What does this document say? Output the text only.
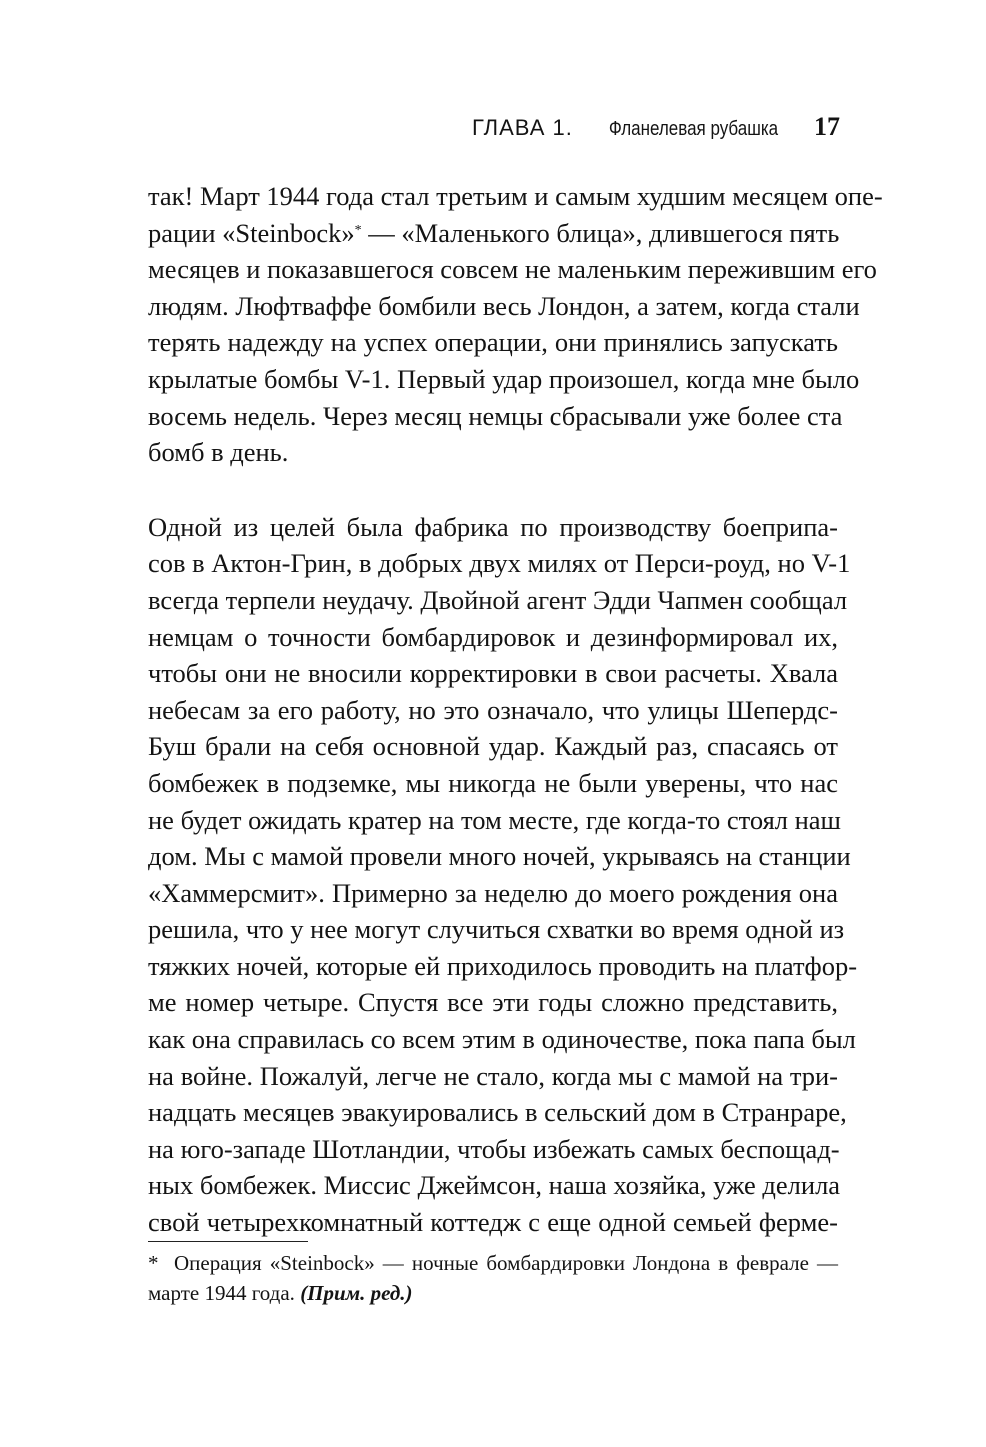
ГЛАВА 1. Фланелевая рубашка 17
так! Март 1944 года стал третьим и самым худшим месяцем опе-
рации «Steinbock»* — «Маленького блица», длившегося пять
месяцев и показавшегося совсем не маленьким пережившим его
людям. Люфтваффе бомбили весь Лондон, а затем, когда стали
терять надежду на успех операции, они принялись запускать
крылатые бомбы V-1. Первый удар произошел, когда мне было
восемь недель. Через месяц немцы сбрасывали уже более ста
бомб в день.
Одной из целей была фабрика по производству боеприпа-
сов в Актон-Грин, в добрых двух милях от Перси-роуд, но V-1
всегда терпели неудачу. Двойной агент Эдди Чапмен сообщал
немцам о точности бомбардировок и дезинформировал их,
чтобы они не вносили корректировки в свои расчеты. Хвала
небесам за его работу, но это означало, что улицы Шепердс-
Буш брали на себя основной удар. Каждый раз, спасаясь от
бомбежек в подземке, мы никогда не были уверены, что нас
не будет ожидать кратер на том месте, где когда-то стоял наш
дом. Мы с мамой провели много ночей, укрываясь на станции
«Хаммерсмит». Примерно за неделю до моего рождения она
решила, что у нее могут случиться схватки во время одной из
тяжких ночей, которые ей приходилось проводить на платфор-
ме номер четыре. Спустя все эти годы сложно представить,
как она справилась со всем этим в одиночестве, пока папа был
на войне. Пожалуй, легче не стало, когда мы с мамой на три-
надцать месяцев эвакуировались в сельский дом в Странраре,
на юго-западе Шотландии, чтобы избежать самых беспощад-
ных бомбежек. Миссис Джеймсон, наша хозяйка, уже делила
свой четырехкомнатный коттедж с еще одной семьей ферме-
* Операция «Steinbock» — ночные бомбардировки Лондона в феврале —
марте 1944 года. (Прим. ред.)
